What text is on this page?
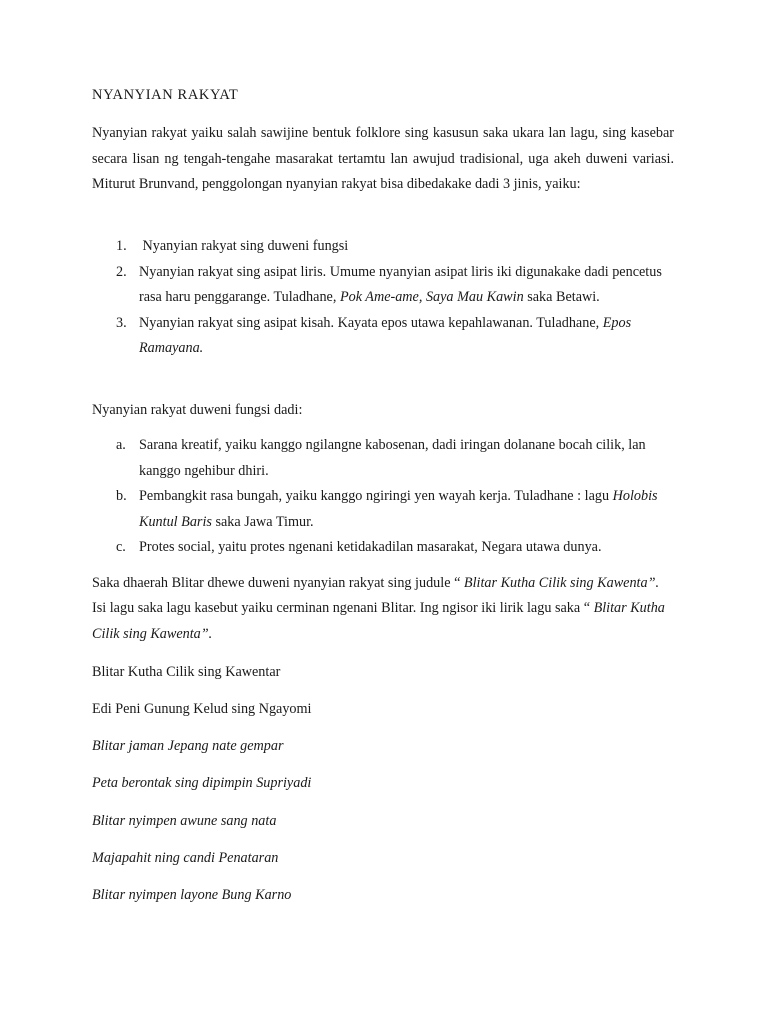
NYANYIAN RAKYAT

Nyanyian rakyat yaiku salah sawijine bentuk folklore sing kasusun saka ukara lan lagu, sing kasebar secara lisan ng tengah-tengahe masarakat tertamtu lan awujud tradisional, uga akeh duweni variasi. Miturut Brunvand, penggolongan nyanyian rakyat bisa dibedakake dadi 3 jinis, yaiku:

1. Nyanyian rakyat sing duweni fungsi
2. Nyanyian rakyat sing asipat liris. Umume nyanyian asipat liris iki digunakake dadi pencetus rasa haru penggarange. Tuladhane, Pok Ame-ame, Saya Mau Kawin saka Betawi.
3. Nyanyian rakyat sing asipat kisah. Kayata epos utawa kepahlawanan. Tuladhane, Epos Ramayana.

Nyanyian rakyat duweni fungsi dadi:

a. Sarana kreatif, yaiku kanggo ngilangne kabosenan, dadi iringan dolanane bocah cilik, lan kanggo ngehibur dhiri.
b. Pembangkit rasa bungah, yaiku kanggo ngiringi yen wayah kerja. Tuladhane : lagu Holobis Kuntul Baris saka Jawa Timur.
c. Protes social, yaitu protes ngenani ketidakadilan masarakat, Negara utawa dunya.

Saka dhaerah Blitar dhewe duweni nyanyian rakyat sing judule “ Blitar Kutha Cilik sing Kawenta”. Isi lagu saka lagu kasebut yaiku cerminan ngenani Blitar. Ing ngisor iki lirik lagu saka “ Blitar Kutha Cilik sing Kawenta”.

Blitar Kutha Cilik sing Kawentar
Edi Peni Gunung Kelud sing Ngayomi
Blitar jaman Jepang nate gempar
Peta berontak sing dipimpin Supriyadi
Blitar nyimpen awune sang nata
Majapahit ning candi Penataran
Blitar nyimpen layone Bung Karno
